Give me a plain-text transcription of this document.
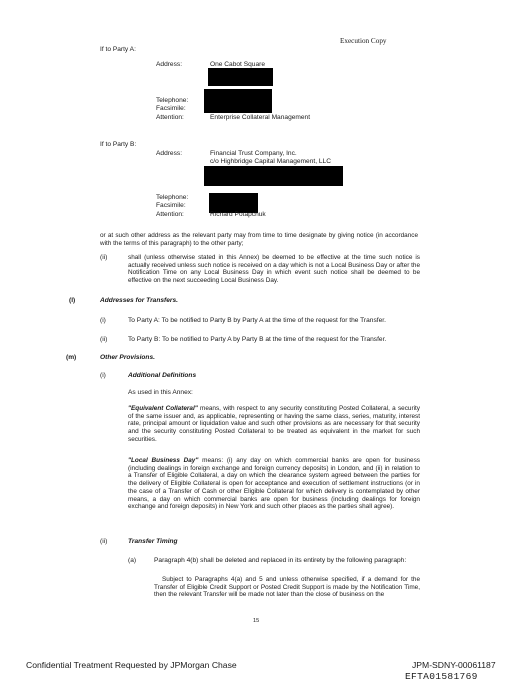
Execution Copy
If to Party A:
Address:	One Cabot Square
Telephone:
Facsimile:
Attention:	Enterprise Collateral Management
If to Party B:
Address:	Financial Trust Company, Inc.
c/o Highbridge Capital Management, LLC
Telephone:
Facsimile:
Attention:	Richard Potapchuk
or at such other address as the relevant party may from time to time designate by giving notice (in accordance with the terms of this paragraph) to the other party;
(ii)	shall (unless otherwise stated in this Annex) be deemed to be effective at the time such notice is actually received unless such notice is received on a day which is not a Local Business Day or after the Notification Time on any Local Business Day in which event such notice shall be deemed to be effective on the next succeeding Local Business Day.
(l)	Addresses for Transfers.
(i)	To Party A: To be notified to Party B by Party A at the time of the request for the Transfer.
(ii)	To Party B: To be notified to Party A by Party B at the time of the request for the Transfer.
(m)	Other Provisions.
(i)	Additional Definitions
As used in this Annex:
"Equivalent Collateral" means, with respect to any security constituting Posted Collateral, a security of the same issuer and, as applicable, representing or having the same class, series, maturity, interest rate, principal amount or liquidation value and such other provisions as are necessary for that security and the security constituting Posted Collateral to be treated as equivalent in the market for such securities.
"Local Business Day" means: (i) any day on which commercial banks are open for business (including dealings in foreign exchange and foreign currency deposits) in London, and (ii) in relation to a Transfer of Eligible Collateral, a day on which the clearance system agreed between the parties for the delivery of Eligible Collateral is open for acceptance and execution of settlement instructions (or in the case of a Transfer of Cash or other Eligible Collateral for which delivery is contemplated by other means, a day on which commercial banks are open for business (including dealings for foreign exchange and foreign deposits) in New York and such other places as the parties shall agree).
(ii)	Transfer Timing
(a)	Paragraph 4(b) shall be deleted and replaced in its entirety by the following paragraph:
Subject to Paragraphs 4(a) and 5 and unless otherwise specified, if a demand for the Transfer of Eligible Credit Support or Posted Credit Support is made by the Notification Time, then the relevant Transfer will be made not later than the close of business on the
15
Confidential Treatment Requested by JPMorgan Chase	JPM-SDNY-00061187
EFTA01581769
